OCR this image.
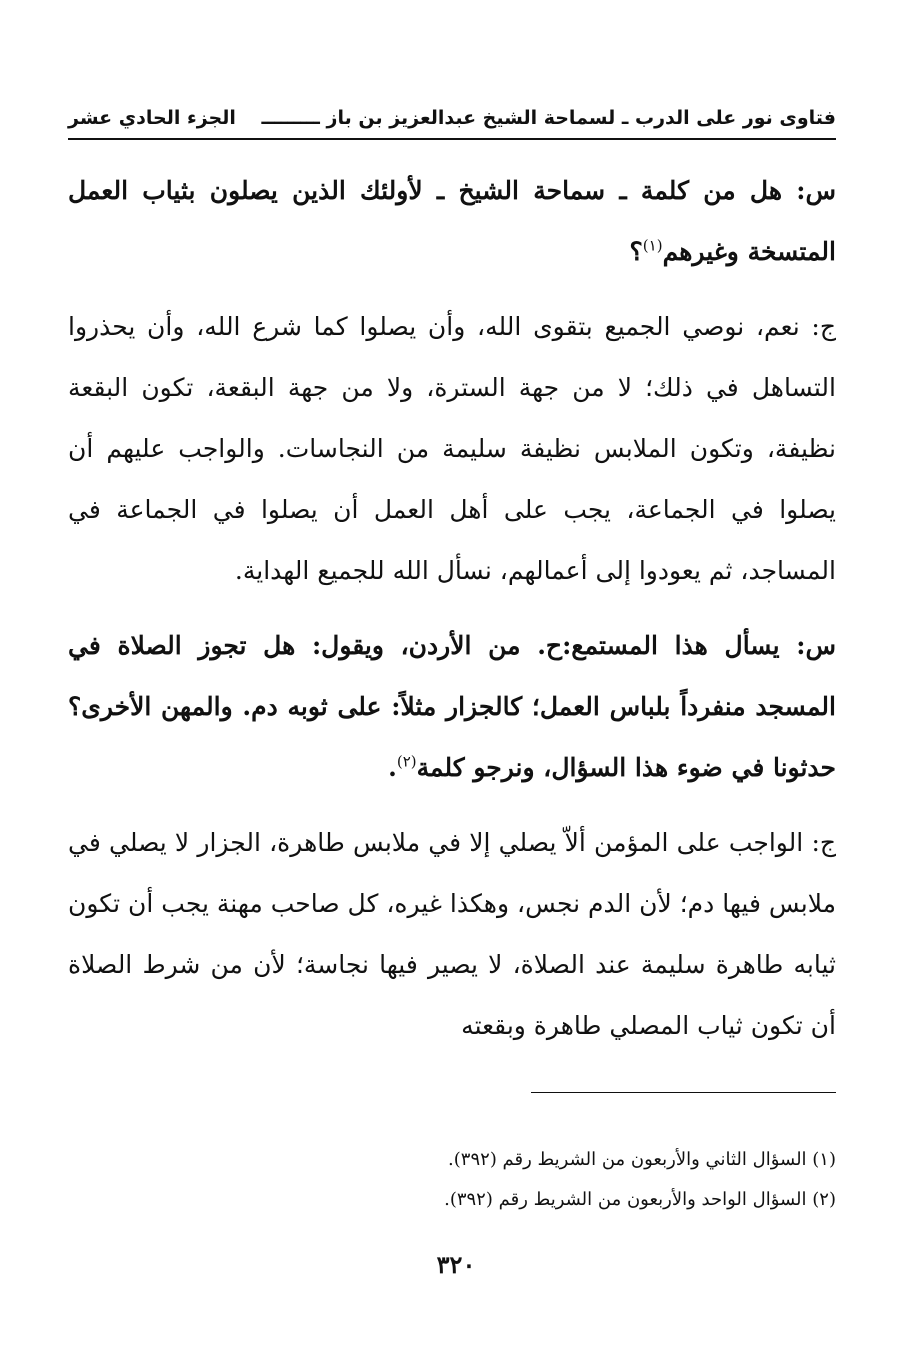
فتاوى نور على الدرب ـ لسماحة الشيخ عبدالعزيز بن باز ـــــــــ
الجزء الحادي عشر

س: هل من كلمة ـ سماحة الشيخ ـ لأولئك الذين يصلون بثياب العمل المتسخة وغيرهم$^{(١)}$؟

ج: نعم، نوصي الجميع بتقوى الله، وأن يصلوا كما شرع الله، وأن يحذروا التساهل في ذلك؛ لا من جهة السترة، ولا من جهة البقعة، تكون البقعة نظيفة، وتكون الملابس نظيفة سليمة من النجاسات. والواجب عليهم أن يصلوا في الجماعة، يجب على أهل العمل أن يصلوا في الجماعة في المساجد، ثم يعودوا إلى أعمالهم، نسأل الله للجميع الهداية.

س: يسأل هذا المستمع:ح. من الأردن، ويقول: هل تجوز الصلاة في المسجد منفرداً بلباس العمل؛ كالجزار مثلاً: على ثوبه دم. والمهن الأخرى؟ حدثونا في ضوء هذا السؤال، ونرجو كلمة$^{(٢)}$.

ج: الواجب على المؤمن ألاّ يصلي إلا في ملابس طاهرة، الجزار لا يصلي في ملابس فيها دم؛ لأن الدم نجس، وهكذا غيره، كل صاحب مهنة يجب أن تكون ثيابه طاهرة سليمة عند الصلاة، لا يصير فيها نجاسة؛ لأن من شرط الصلاة أن تكون ثياب المصلي طاهرة وبقعته

(١) السؤال الثاني والأربعون من الشريط رقم (٣٩٢).

(٢) السؤال الواحد والأربعون من الشريط رقم (٣٩٢).

٣٢٠
